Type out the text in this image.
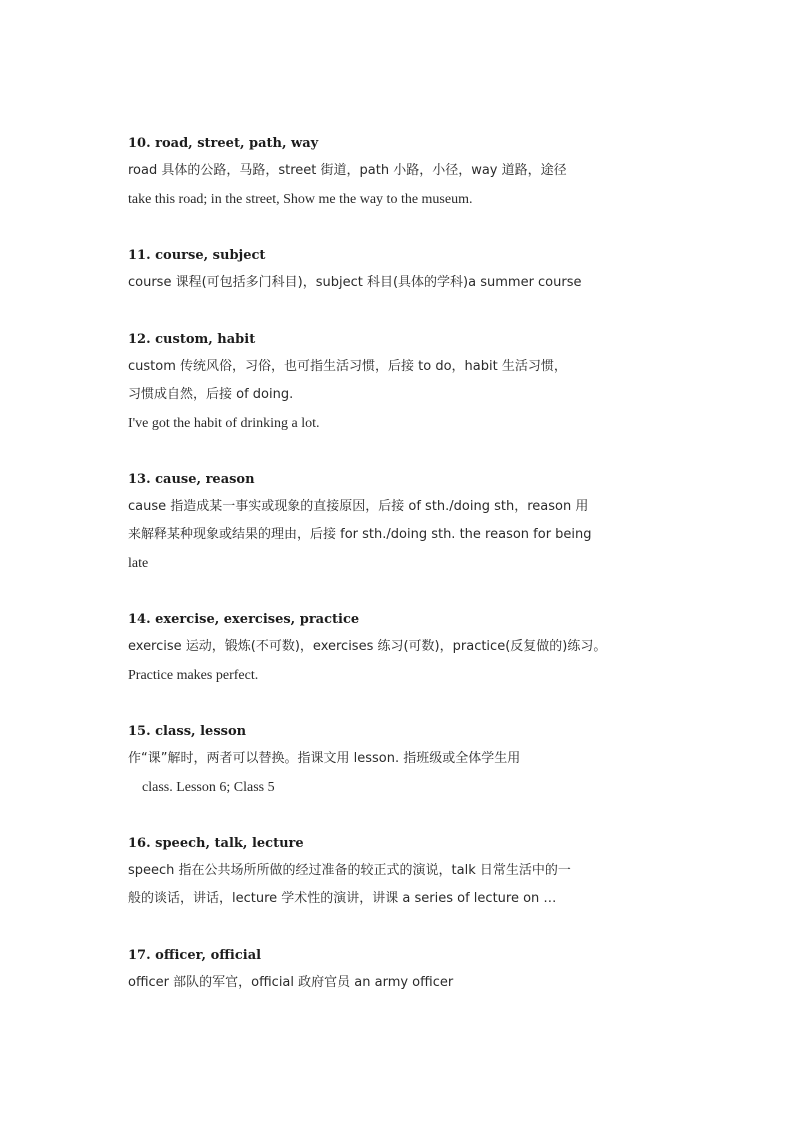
10. road, street, path, way
road 具体的公路，马路，street 街道，path 小路，小径，way 道路，途径
take this road; in the street, Show me the way to the museum.
11. course, subject
course 课程(可包括多门科目)，subject 科目(具体的学科)a summer course
12. custom, habit
custom 传统风俗，习俗，也可指生活习惯，后接 to do，habit 生活习惯，
习惯成自然，后接 of doing.
I've got the habit of drinking a lot.
13. cause, reason
cause 指造成某一事实或现象的直接原因，后接 of sth./doing sth，reason 用
来解释某种现象或结果的理由，后接 for sth./doing sth. the reason for being
late
14. exercise, exercises, practice
exercise 运动，锻炼(不可数)，exercises 练习(可数)，practice(反复做的)练习。
Practice makes perfect.
15. class, lesson
作“课”解时，两者可以替换。指课文用 lesson. 指班级或全体学生用
class. Lesson 6; Class 5
16. speech, talk, lecture
speech 指在公共场所所做的经过准备的较正式的演说，talk 日常生活中的一
般的谈话，讲话，lecture 学术性的演讲，讲课 a series of lecture on …
17. officer, official
officer 部队的军官，official 政府官员 an army officer
